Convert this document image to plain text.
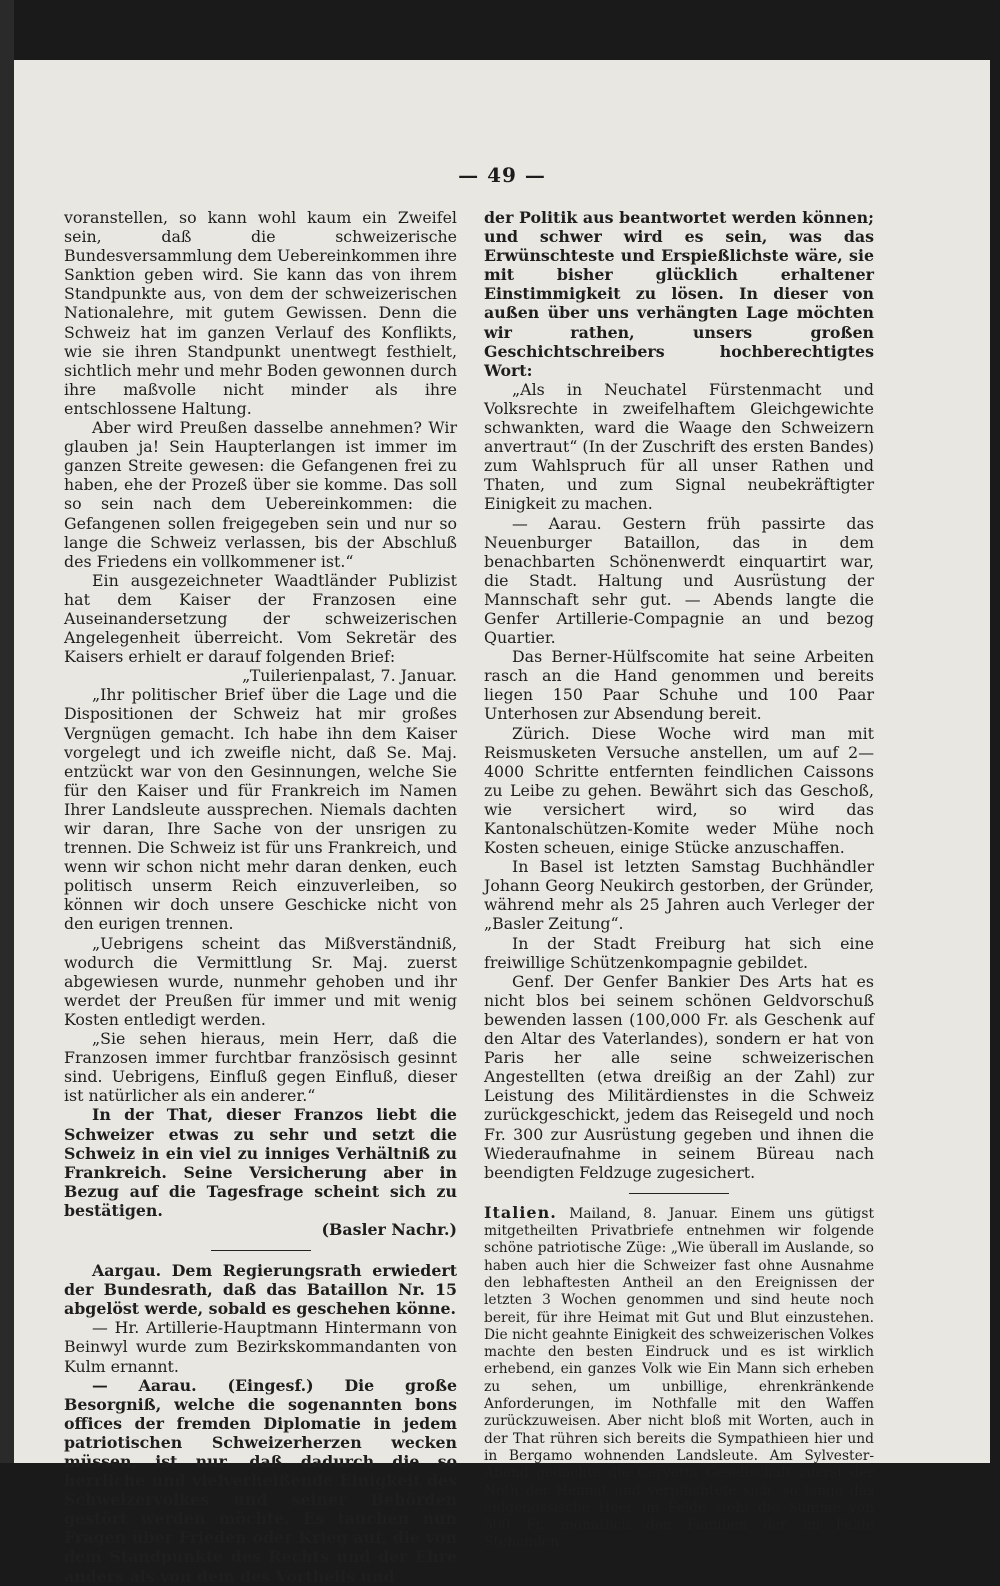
— 49 —

voranstellen, so kann wohl kaum ein Zweifel sein, daß die schweizerische Bundesversammlung dem Uebereinkommen ihre Sanktion geben wird. Sie kann das von ihrem Standpunkte aus, von dem der schweizerischen Nationalehre, mit gutem Gewissen. Denn die Schweiz hat im ganzen Verlauf des Konflikts, wie sie ihren Standpunkt unentwegt festhielt, sichtlich mehr und mehr Boden gewonnen durch ihre maßvolle nicht minder als ihre entschlossene Haltung.

Aber wird Preußen dasselbe annehmen? Wir glauben ja! Sein Haupterlangen ist immer im ganzen Streite gewesen: die Gefangenen frei zu haben, ehe der Prozeß über sie komme. Das soll so sein nach dem Uebereinkommen: die Gefangenen sollen freigegeben sein und nur so lange die Schweiz verlassen, bis der Abschluß des Friedens ein vollkommener ist.“

Ein ausgezeichneter Waadtländer Publizist hat dem Kaiser der Franzosen eine Auseinandersetzung der schweizerischen Angelegenheit überreicht. Vom Sekretär des Kaisers erhielt er darauf folgenden Brief:

„Tuilerienpalast, 7. Januar.

„Ihr politischer Brief über die Lage und die Dispositionen der Schweiz hat mir großes Vergnügen gemacht. Ich habe ihn dem Kaiser vorgelegt und ich zweifle nicht, daß Se. Maj. entzückt war von den Gesinnungen, welche Sie für den Kaiser und für Frankreich im Namen Ihrer Landsleute aussprechen. Niemals dachten wir daran, Ihre Sache von der unsrigen zu trennen. Die Schweiz ist für uns Frankreich, und wenn wir schon nicht mehr daran denken, euch politisch unserm Reich einzuverleiben, so können wir doch unsere Geschicke nicht von den eurigen trennen.

„Uebrigens scheint das Mißverständniß, wodurch die Vermittlung Sr. Maj. zuerst abgewiesen wurde, nunmehr gehoben und ihr werdet der Preußen für immer und mit wenig Kosten entledigt werden.

„Sie sehen hieraus, mein Herr, daß die Franzosen immer furchtbar französisch gesinnt sind. Uebrigens, Einfluß gegen Einfluß, dieser ist natürlicher als ein anderer.“

In der That, dieser Franzos liebt die Schweizer etwas zu sehr und setzt die Schweiz in ein viel zu inniges Verhältniß zu Frankreich. Seine Versicherung aber in Bezug auf die Tagesfrage scheint sich zu bestätigen.

(Basler Nachr.)

Aargau. Dem Regierungsrath erwiedert der Bundesrath, daß das Bataillon Nr. 15 abgelöst werde, sobald es geschehen könne.

— Hr. Artillerie-Hauptmann Hintermann von Beinwyl wurde zum Bezirkskommandanten von Kulm ernannt.

— Aarau. (Eingesf.) Die große Besorgniß, welche die sogenannten bons offices der fremden Diplomatie in jedem patriotischen Schweizerherzen wecken müssen, ist nur, daß dadurch die so herrliche und vielverheißende Einigkeit des Schweizervolkes und seiner Behörden gestört werden möchte. Es tauchen nun Fragen über Frieden oder Krieg auf, die von dem Standpunkte des Rechts und der Ehre anders als von dem des Vortheils und

der Politik aus beantwortet werden können; und schwer wird es sein, was das Erwünschteste und Erspießlichste wäre, sie mit bisher glücklich erhaltener Einstimmigkeit zu lösen. In dieser von außen über uns verhängten Lage möchten wir rathen, unsers großen Geschichtschreibers hochberechtigtes Wort:

„Als in Neuchatel Fürstenmacht und Volksrechte in zweifelhaftem Gleichgewichte schwankten, ward die Waage den Schweizern anvertraut“ (In der Zuschrift des ersten Bandes) zum Wahlspruch für all unser Rathen und Thaten, und zum Signal neubekräftigter Einigkeit zu machen.

— Aarau. Gestern früh passirte das Neuenburger Bataillon, das in dem benachbarten Schönenwerdt einquartirt war, die Stadt. Haltung und Ausrüstung der Mannschaft sehr gut. — Abends langte die Genfer Artillerie-Compagnie an und bezog Quartier.

Das Berner-Hülfscomite hat seine Arbeiten rasch an die Hand genommen und bereits liegen 150 Paar Schuhe und 100 Paar Unterhosen zur Absendung bereit.

Zürich. Diese Woche wird man mit Reismusketen Versuche anstellen, um auf 2—4000 Schritte entfernten feindlichen Caissons zu Leibe zu gehen. Bewährt sich das Geschoß, wie versichert wird, so wird das Kantonalschützen-Komite weder Mühe noch Kosten scheuen, einige Stücke anzuschaffen.

In Basel ist letzten Samstag Buchhändler Johann Georg Neukirch gestorben, der Gründer, während mehr als 25 Jahren auch Verleger der „Basler Zeitung“.

In der Stadt Freiburg hat sich eine freiwillige Schützenkompagnie gebildet.

Genf. Der Genfer Bankier Des Arts hat es nicht blos bei seinem schönen Geldvorschuß bewenden lassen (100,000 Fr. als Geschenk auf den Altar des Vaterlandes), sondern er hat von Paris her alle seine schweizerischen Angestellten (etwa dreißig an der Zahl) zur Leistung des Militärdienstes in die Schweiz zurückgeschickt, jedem das Reisegeld und noch Fr. 300 zur Ausrüstung gegeben und ihnen die Wiederaufnahme in seinem Büreau nach beendigten Feldzuge zugesichert.

Italien. Mailand, 8. Januar. Einem uns gütigst mitgetheilten Privatbriefe entnehmen wir folgende schöne patriotische Züge: „Wie überall im Auslande, so haben auch hier die Schweizer fast ohne Ausnahme den lebhaftesten Antheil an den Ereignissen der letzten 3 Wochen genommen und sind heute noch bereit, für ihre Heimat mit Gut und Blut einzustehen. Die nicht geahnte Einigkeit des schweizerischen Volkes machte den besten Eindruck und es ist wirklich erhebend, ein ganzes Volk wie Ein Mann sich erheben zu sehen, um unbillige, ehrenkränkende Anforderungen, im Nothfalle mit den Waffen zurückzuweisen. Aber nicht bloß mit Worten, auch in der That rühren sich bereits die Sympathieen hier und in Bergamo wohnenden Landsleute. Am Sylvester-Abend gedachte die Cervetta Gesellschaft zuerst der Noth der Heimat und verpflichtete sich, so lange das eidgenössische Heer im Felde steht die Summe von 500 Fr. monatlich den Familien der im Felde Stehenden
